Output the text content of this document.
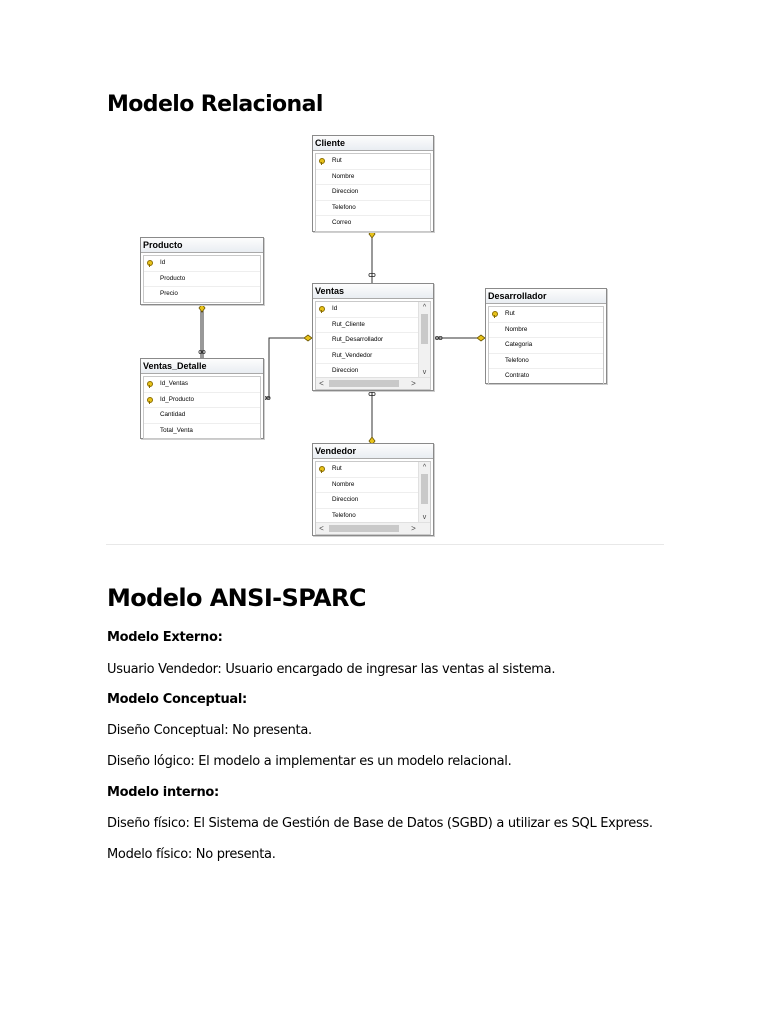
Modelo Relacional
Cliente
Rut
Nombre
Direccion
Telefono
Correo
Producto
Id
Producto
Precio	Ventas
Id
Rut_Cliente
Rut_Desarrollador
Rut_Vendedor
Direccion
^
v
<	>
Desarrollador
Rut
Nombre
Categoria
Telefono
Contrato
Ventas_Detalle
Id_Ventas
Id_Producto
Cantidad
Total_Venta
Vendedor
Rut
Nombre
Direccion
Telefono
^
v
<	>
Modelo ANSI-SPARC
Modelo Externo:
Usuario Vendedor: Usuario encargado de ingresar las ventas al sistema.
Modelo Conceptual:
Diseño Conceptual: No presenta.
Diseño lógico: El modelo a implementar es un modelo relacional.
Modelo interno:
Diseño físico: El Sistema de Gestión de Base de Datos (SGBD) a utilizar es SQL Express.
Modelo físico: No presenta.
